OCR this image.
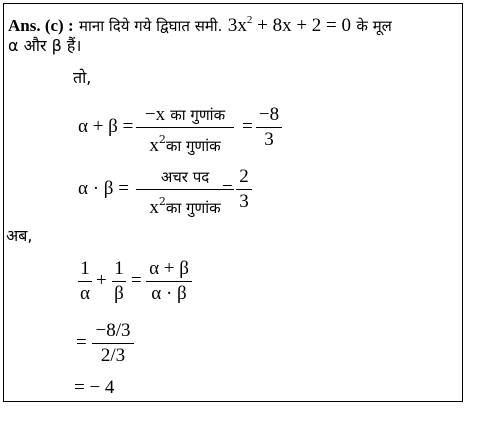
Ans. (c) : माना दिये गये द्विघात समी. $3x^2 + 8x + 2 = 0$ के मूल
α और β हैं।
तो,
α + β =
−x का गुणांक
$x^2का$ गुणांक
=
−8
3
α · β =
अचर पद
$x^2का$ गुणांक
=
2
3
अब,
1
α
+
1
β
=
α + β
α · β
=
−8/3
2/3
= − 4
